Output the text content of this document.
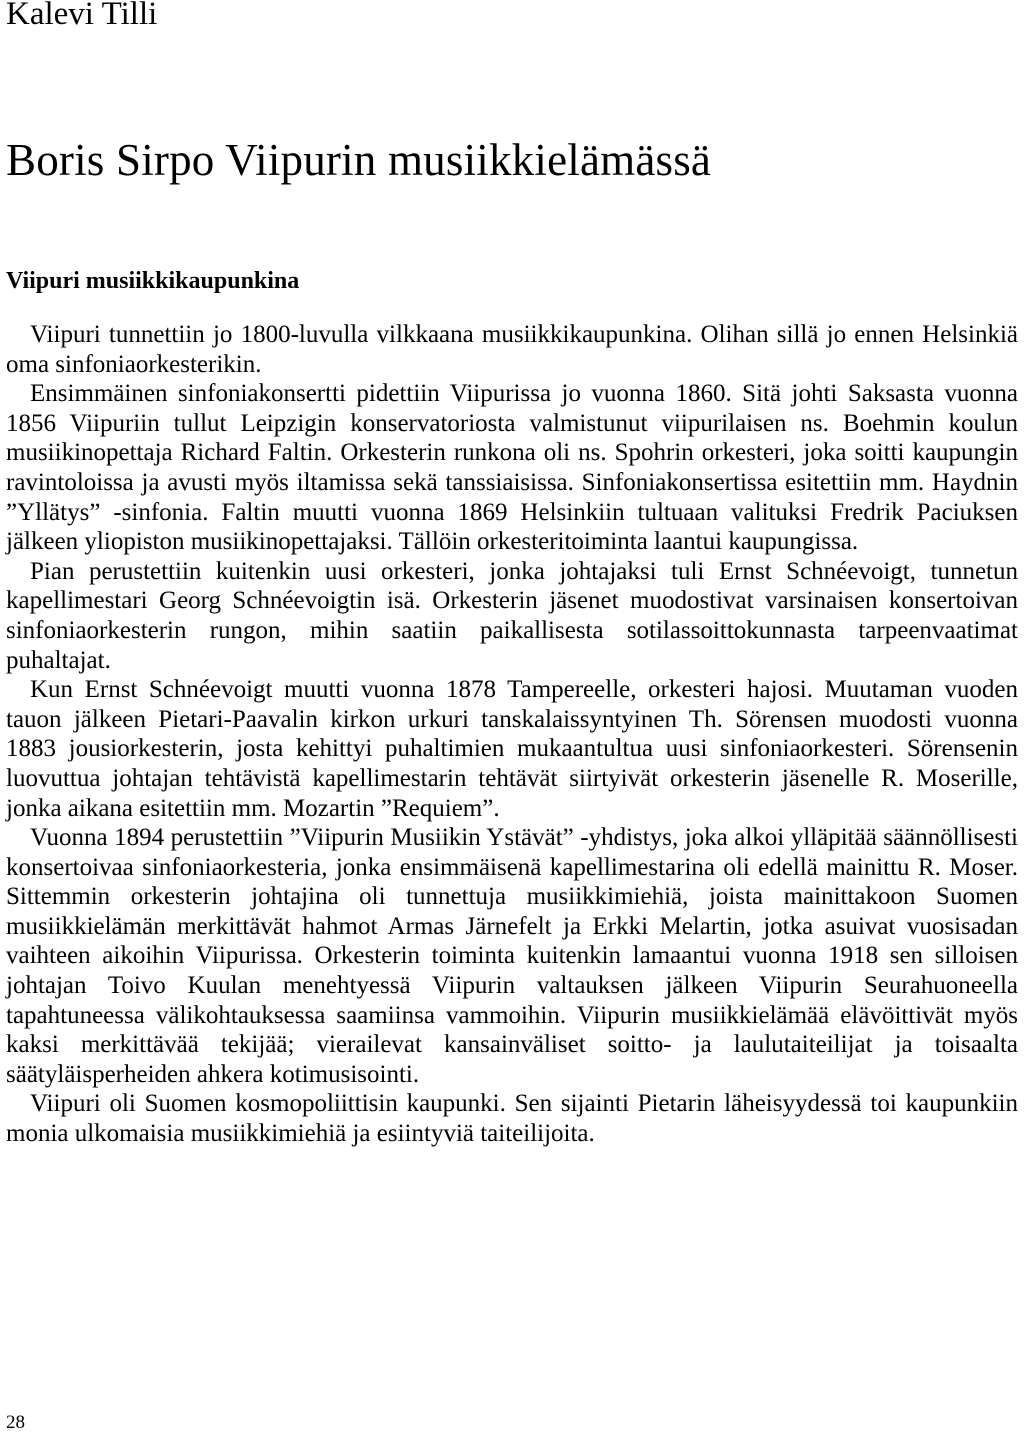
Kalevi Tilli
Boris Sirpo Viipurin musiikkielämässä
Viipuri musiikkikaupunkina

Viipuri tunnettiin jo 1800-luvulla vilkkaana musiikkikaupunkina. Olihan sillä jo ennen Helsinkiä oma sinfoniaorkesterikin.

Ensimmäinen sinfoniakonsertti pidettiin Viipurissa jo vuonna 1860. Sitä johti Saksasta vuonna 1856 Viipuriin tullut Leipzigin konservatoriosta valmistunut viipurilaisen ns. Boehmin koulun musiikinopettaja Richard Faltin. Orkesterin runkona oli ns. Spohrin orkesteri, joka soitti kaupungin ravintoloissa ja avusti myös iltamissa sekä tanssiaisissa. Sinfoniakonsertissa esitettiin mm. Haydnin ”Yllätys” -sinfonia. Faltin muutti vuonna 1869 Helsinkiin tultuaan valituksi Fredrik Paciuksen jälkeen yliopiston musiikinopettajaksi. Tällöin orkesteritoiminta laantui kaupungissa.

Pian perustettiin kuitenkin uusi orkesteri, jonka johtajaksi tuli Ernst Schnéevoigt, tunnetun kapellimestari Georg Schnéevoigtin isä. Orkesterin jäsenet muodostivat varsinaisen konsertoivan sinfoniaorkesterin rungon, mihin saatiin paikallisesta sotilassoittokunnasta tarpeenvaatimat puhaltajat.

Kun Ernst Schnéevoigt muutti vuonna 1878 Tampereelle, orkesteri hajosi. Muutaman vuoden tauon jälkeen Pietari-Paavalin kirkon urkuri tanskalaissyntyinen Th. Sörensen muodosti vuonna 1883 jousiorkesterin, josta kehittyi puhaltimien mukaantultua uusi sinfoniaorkesteri. Sörensenin luovuttua johtajan tehtävistä kapellimestarin tehtävät siirtyivät orkesterin jäsenelle R. Moserille, jonka aikana esitettiin mm. Mozartin ”Requiem”.

Vuonna 1894 perustettiin ”Viipurin Musiikin Ystävät” -yhdistys, joka alkoi ylläpitää säännöllisesti konsertoivaa sinfoniaorkesteria, jonka ensimmäisenä kapellimestarina oli edellä mainittu R. Moser. Sittemmin orkesterin johtajina oli tunnettuja musiikkimiehiä, joista mainittakoon Suomen musiikkielämän merkittävät hahmot Armas Järnefelt ja Erkki Melartin, jotka asuivat vuosisadan vaihteen aikoihin Viipurissa. Orkesterin toiminta kuitenkin lamaantui vuonna 1918 sen silloisen johtajan Toivo Kuulan menehtyessä Viipurin valtauksen jälkeen Viipurin Seurahuoneella tapahtuneessa välikohtauksessa saamiinsa vammoihin. Viipurin musiikkielämää elävöittivät myös kaksi merkittävää tekijää; vierailevat kansainväliset soitto- ja laulutaiteilijat ja toisaalta säätyläisperheiden ahkera kotimusisointi.

Viipuri oli Suomen kosmopoliittisin kaupunki. Sen sijainti Pietarin läheisyydessä toi kaupunkiin monia ulkomaisia musiikkimiehiä ja esiintyviä taiteilijoita.

28
